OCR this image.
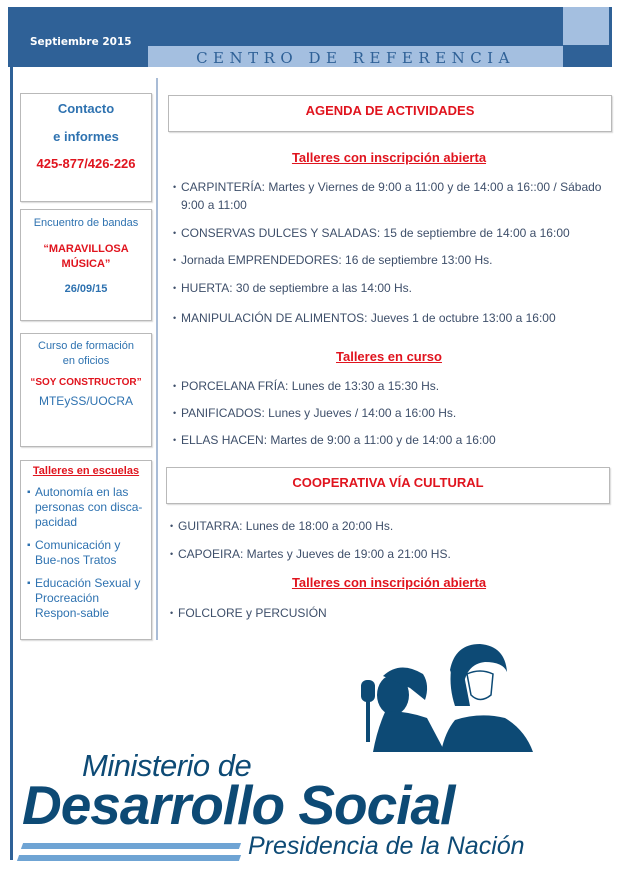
Septiembre 2015
CENTRO DE REFERENCIA
Contacto
e informes
425-877/426-226
Encuentro de bandas
“MARAVILLOSA
MÚSICA”
26/09/15
Curso de formación
en oficios
“SOY CONSTRUCTOR”
MTEySS/UOCRA
Talleres en escuelas
▪ Autonomía en las personas con disca-pacidad
▪ Comunicación y Bue-nos Tratos
▪ Educación Sexual y Procreación Respon-sable
AGENDA DE ACTIVIDADES
Talleres con inscripción abierta
• CARPINTERÍA: Martes y Viernes de 9:00 a 11:00 y de 14:00 a 16::00 / Sábado 9:00 a 11:00
• CONSERVAS DULCES Y SALADAS: 15 de septiembre de 14:00 a 16:00
• Jornada EMPRENDEDORES: 16 de septiembre 13:00 Hs.
• HUERTA: 30 de septiembre a las 14:00 Hs.
• MANIPULACIÓN DE ALIMENTOS: Jueves 1 de octubre 13:00 a 16:00
Talleres en curso
• PORCELANA FRÍA: Lunes de 13:30 a 15:30 Hs.
• PANIFICADOS: Lunes y Jueves / 14:00 a 16:00 Hs.
• ELLAS HACEN: Martes de 9:00 a 11:00 y de 14:00 a 16:00
COOPERATIVA VÍA CULTURAL
• GUITARRA: Lunes de 18:00 a 20:00 Hs.
• CAPOEIRA: Martes y Jueves de 19:00 a 21:00 HS.
Talleres con inscripción abierta
• FOLCLORE y PERCUSIÓN
Ministerio de
Desarrollo Social
Presidencia de la Nación
